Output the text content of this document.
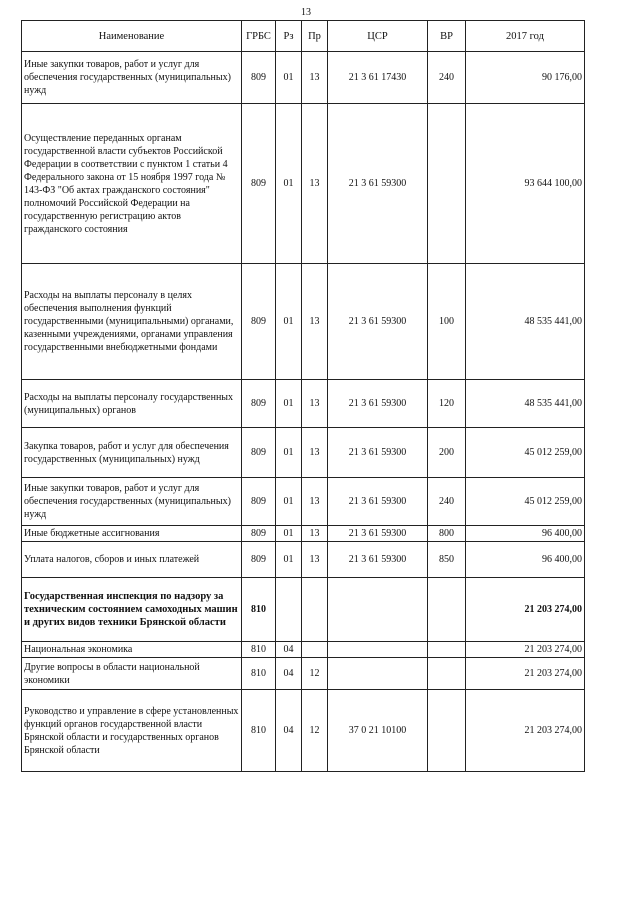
13
Наименование	ГРБС	Рз	Пр	ЦСР	ВР	2017 год
Иные закупки товаров, работ и услуг для обеспечения государственных (муниципальных) нужд	809	01	13	21 3 61 17430	240	90 176,00
Осуществление переданных органам государственной власти субъектов Российской Федерации в соответствии с пунктом 1 статьи 4 Федерального закона от 15 ноября 1997 года № 143-ФЗ "Об актах гражданского состояния" полномочий Российской Федерации на государственную регистрацию актов гражданского состояния	809	01	13	21 3 61 59300		93 644 100,00
Расходы на выплаты персоналу в целях обеспечения выполнения функций государственными (муниципальными) органами, казенными учреждениями, органами управления государственными внебюджетными фондами	809	01	13	21 3 61 59300	100	48 535 441,00
Расходы на выплаты персоналу государственных (муниципальных) органов	809	01	13	21 3 61 59300	120	48 535 441,00
Закупка товаров, работ и услуг для обеспечения государственных (муниципальных) нужд	809	01	13	21 3 61 59300	200	45 012 259,00
Иные закупки товаров, работ и услуг для обеспечения государственных (муниципальных) нужд	809	01	13	21 3 61 59300	240	45 012 259,00
Иные бюджетные ассигнования	809	01	13	21 3 61 59300	800	96 400,00
Уплата налогов, сборов и иных платежей	809	01	13	21 3 61 59300	850	96 400,00
Государственная инспекция по надзору за техническим состоянием самоходных машин и других видов техники Брянской области	810					21 203 274,00
Национальная экономика	810	04				21 203 274,00
Другие вопросы в области национальной экономики	810	04	12			21 203 274,00
Руководство и управление в сфере установленных функций органов государственной власти Брянской области и государственных органов Брянской области	810	04	12	37 0 21 10100		21 203 274,00
